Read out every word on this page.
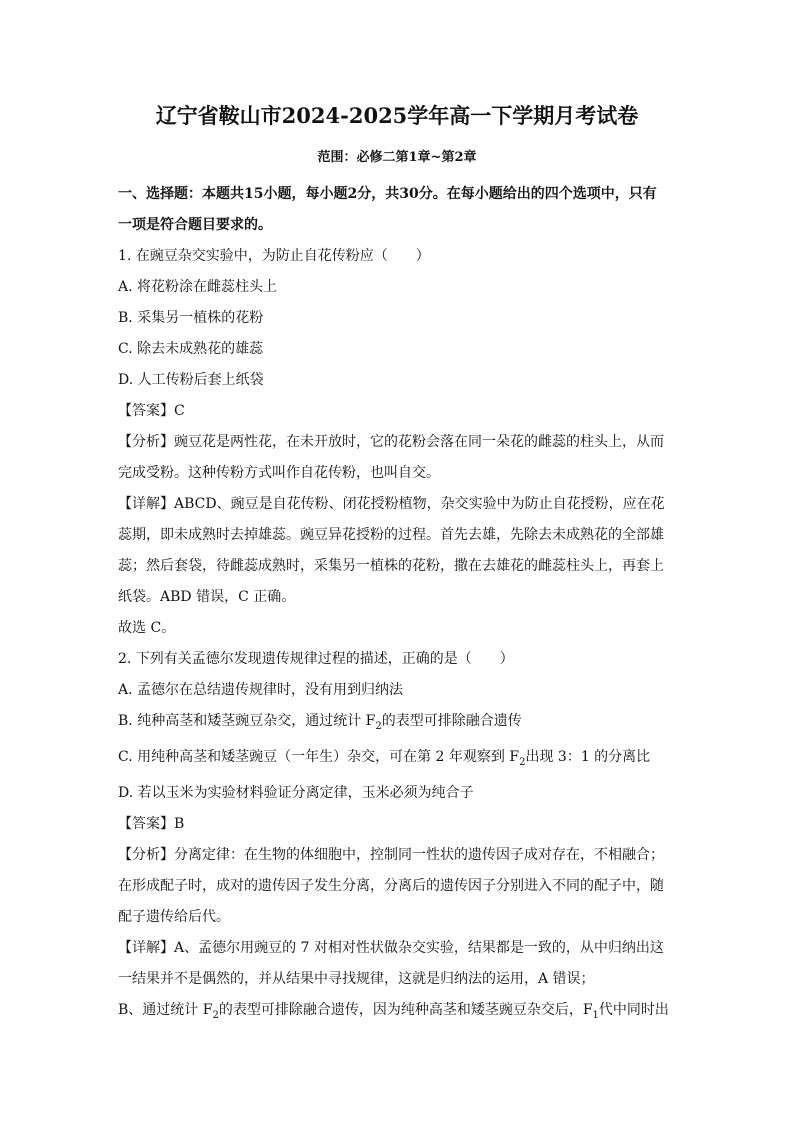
辽宁省鞍山市2024-2025学年高一下学期月考试卷
范围：必修二第1章~第2章
一、选择题：本题共15小题，每小题2分，共30分。在每小题给出的四个选项中，只有
一项是符合题目要求的。
1. 在豌豆杂交实验中，为防止自花传粉应（　　）
A. 将花粉涂在雌蕊柱头上
B. 采集另一植株的花粉
C. 除去未成熟花的雄蕊
D. 人工传粉后套上纸袋
【答案】C
【分析】豌豆花是两性花，在未开放时，它的花粉会落在同一朵花的雌蕊的柱头上，从而
完成受粉。这种传粉方式叫作自花传粉，也叫自交。
【详解】ABCD、豌豆是自花传粉、闭花授粉植物，杂交实验中为防止自花授粉，应在花
蕊期，即未成熟时去掉雄蕊。豌豆异花授粉的过程。首先去雄，先除去未成熟花的全部雄
蕊；然后套袋，待雌蕊成熟时，采集另一植株的花粉，撒在去雄花的雌蕊柱头上，再套上
纸袋。ABD 错误，C 正确。
故选 C。
2. 下列有关孟德尔发现遗传规律过程的描述，正确的是（　　）
A. 孟德尔在总结遗传规律时，没有用到归纳法
B. 纯种高茎和矮茎豌豆杂交，通过统计 $F_2$的表型可排除融合遗传
C. 用纯种高茎和矮茎豌豆（一年生）杂交，可在第 2 年观察到 $F_2$出现 3：1 的分离比
D. 若以玉米为实验材料验证分离定律，玉米必须为纯合子
【答案】B
【分析】分离定律：在生物的体细胞中，控制同一性状的遗传因子成对存在，不相融合；
在形成配子时，成对的遗传因子发生分离，分离后的遗传因子分别进入不同的配子中，随
配子遗传给后代。
【详解】A、孟德尔用豌豆的 7 对相对性状做杂交实验，结果都是一致的，从中归纳出这
一结果并不是偶然的，并从结果中寻找规律，这就是归纳法的运用，A 错误；
B、通过统计 $F_2$的表型可排除融合遗传，因为纯种高茎和矮茎豌豆杂交后，$F_1$代中同时出
